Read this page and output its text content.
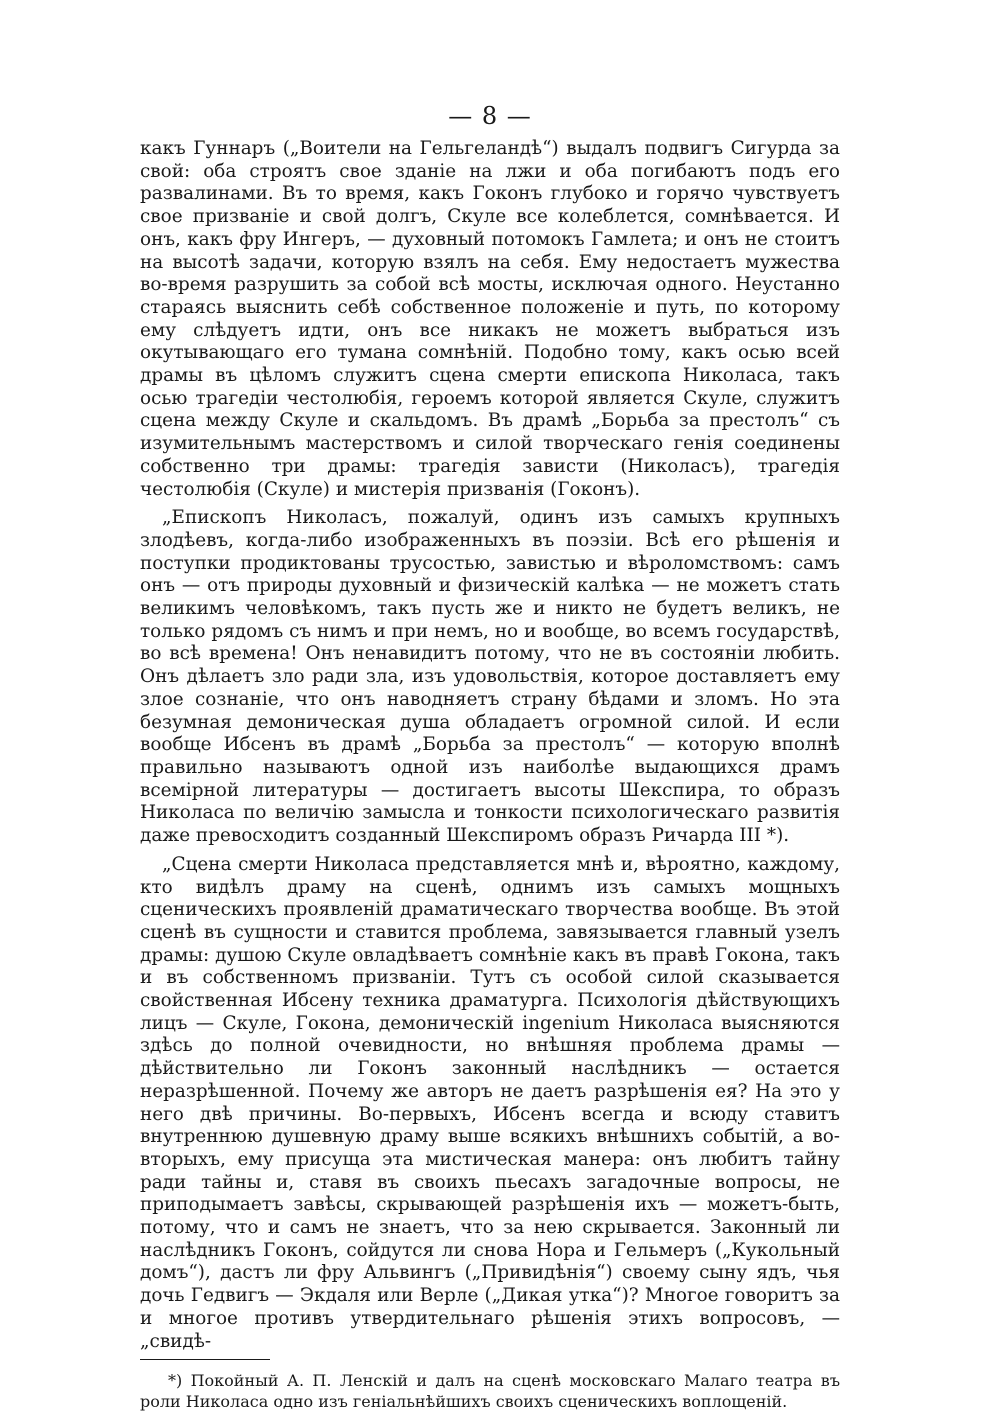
— 8 —

какъ Гуннаръ („Воители на Гельгеландѣ“) выдалъ подвигъ Сигурда за свой: оба строятъ свое зданіе на лжи и оба погибаютъ подъ его развалинами. Въ то время, какъ Гоконъ глубоко и горячо чувствуетъ свое призваніе и свой долгъ, Скуле все колеблется, сомнѣвается. И онъ, какъ фру Ингеръ, — духовный потомокъ Гамлета; и онъ не стоитъ на высотѣ задачи, которую взялъ на себя. Ему недостаетъ мужества во-время разрушить за собой всѣ мосты, исключая одного. Неустанно стараясь выяснить себѣ собственное положеніе и путь, по которому ему слѣдуетъ идти, онъ все никакъ не можетъ выбраться изъ окутывающаго его тумана сомнѣній. Подобно тому, какъ осью всей драмы въ цѣломъ служитъ сцена смерти епископа Николаса, такъ осью трагедіи честолюбія, героемъ которой является Скуле, служитъ сцена между Скуле и скальдомъ. Въ драмѣ „Борьба за престолъ“ съ изумительнымъ мастерствомъ и силой творческаго генія соединены собственно три драмы: трагедія зависти (Николасъ), трагедія честолюбія (Скуле) и мистерія призванія (Гоконъ).

„Епископъ Николасъ, пожалуй, одинъ изъ самыхъ крупныхъ злодѣевъ, когда-либо изображенныхъ въ поэзіи. Всѣ его рѣшенія и поступки продиктованы трусостью, завистью и вѣроломствомъ: самъ онъ — отъ природы духовный и физическій калѣка — не можетъ стать великимъ человѣкомъ, такъ пусть же и никто не будетъ великъ, не только рядомъ съ нимъ и при немъ, но и вообще, во всемъ государствѣ, во всѣ времена! Онъ ненавидитъ потому, что не въ состояніи любить. Онъ дѣлаетъ зло ради зла, изъ удовольствія, которое доставляетъ ему злое сознаніе, что онъ наводняетъ страну бѣдами и зломъ. Но эта безумная демоническая душа обладаетъ огромной силой. И если вообще Ибсенъ въ драмѣ „Борьба за престолъ“ — которую вполнѣ правильно называютъ одной изъ наиболѣе выдающихся драмъ всемірной литературы — достигаетъ высоты Шекспира, то образъ Николаса по величію замысла и тонкости психологическаго развитія даже превосходитъ созданный Шекспиромъ образъ Ричарда III *).

„Сцена смерти Николаса представляется мнѣ и, вѣроятно, каждому, кто видѣлъ драму на сценѣ, однимъ изъ самыхъ мощныхъ сценическихъ проявленій драматическаго творчества вообще. Въ этой сценѣ въ сущности и ставится проблема, завязывается главный узелъ драмы: душою Скуле овладѣваетъ сомнѣніе какъ въ правѣ Гокона, такъ и въ собственномъ призваніи. Тутъ съ особой силой сказывается свойственная Ибсену техника драматурга. Психологія дѣйствующихъ лицъ — Скуле, Гокона, демоническій ingenium Николаса выясняются здѣсь до полной очевидности, но внѣшняя проблема драмы — дѣйствительно ли Гоконъ законный наслѣдникъ — остается неразрѣшенной. Почему же авторъ не даетъ разрѣшенія ея? На это у него двѣ причины. Во-первыхъ, Ибсенъ всегда и всюду ставитъ внутреннюю душевную драму выше всякихъ внѣшнихъ событій, а во-вторыхъ, ему присуща эта мистическая манера: онъ любитъ тайну ради тайны и, ставя въ своихъ пьесахъ загадочные вопросы, не приподымаетъ завѣсы, скрывающей разрѣшенія ихъ — можетъ-быть, потому, что и самъ не знаетъ, что за нею скрывается. Законный ли наслѣдникъ Гоконъ, сойдутся ли снова Нора и Гельмеръ („Кукольный домъ“), дастъ ли фру Альвингъ („Привидѣнія“) своему сыну ядъ, чья дочь Гедвигъ — Экдаля или Верле („Дикая утка“)? Многое говоритъ за и многое противъ утвердительнаго рѣшенія этихъ вопросовъ, — „свидѣ-

*) Покойный А. П. Ленскій и далъ на сценѣ московскаго Малаго театра въ роли Николаса одно изъ геніальнѣйшихъ своихъ сценическихъ воплощеній.
